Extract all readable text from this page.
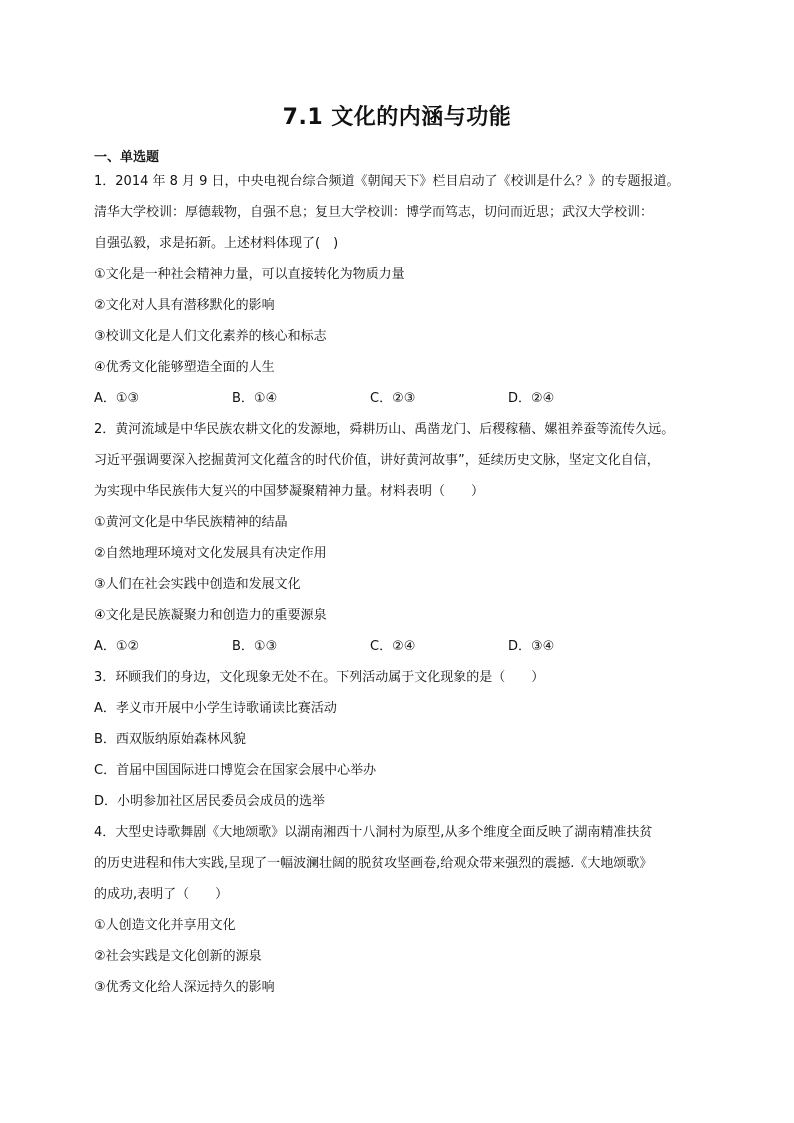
7.1 文化的内涵与功能
一、单选题
1．2014 年 8 月 9 日，中央电视台综合频道《朝闻天下》栏目启动了《校训是什么？》的专题报道。
清华大学校训：厚德载物，自强不息；复旦大学校训：博学而笃志，切问而近思；武汉大学校训：
自强弘毅，求是拓新。上述材料体现了(　)
①文化是一种社会精神力量，可以直接转化为物质力量
②文化对人具有潜移默化的影响
③校训文化是人们文化素养的核心和标志
④优秀文化能够塑造全面的人生
A．①③	B．①④	C．②③	D．②④
2．黄河流域是中华民族农耕文化的发源地，舜耕历山、禹凿龙门、后稷稼穑、嫘祖养蚕等流传久远。
习近平强调要深入挖掘黄河文化蕴含的时代价值，讲好黄河故事”，延续历史文脉，坚定文化自信，
为实现中华民族伟大复兴的中国梦凝聚精神力量。材料表明（　　）
①黄河文化是中华民族精神的结晶
②自然地理环境对文化发展具有决定作用
③人们在社会实践中创造和发展文化
④文化是民族凝聚力和创造力的重要源泉
A．①②	B．①③	C．②④	D．③④
3．环顾我们的身边，文化现象无处不在。下列活动属于文化现象的是（　　）
A．孝义市开展中小学生诗歌诵读比赛活动
B．西双版纳原始森林风貌
C．首届中国国际进口博览会在国家会展中心举办
D．小明参加社区居民委员会成员的选举
4．大型史诗歌舞剧《大地颂歌》以湖南湘西十八洞村为原型,从多个维度全面反映了湖南精准扶贫
的历史进程和伟大实践,呈现了一幅波澜壮阔的脱贫攻坚画卷,给观众带来强烈的震撼.《大地颂歌》
的成功,表明了（　　）
①人创造文化并享用文化
②社会实践是文化创新的源泉
③优秀文化给人深远持久的影响
